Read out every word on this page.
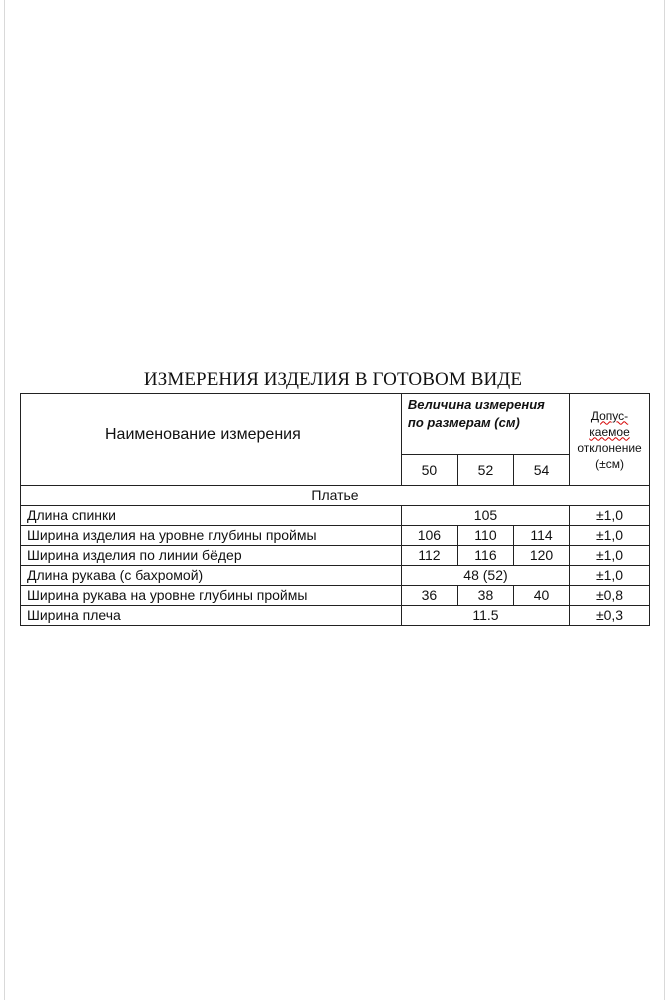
ИЗМЕРЕНИЯ ИЗДЕЛИЯ В ГОТОВОМ ВИДЕ
Наименование измерения	Величина измерения по размерам (см)			Допус-
каемое
отклонение
(±см)
	50	52	54	
Платье				
Длина спинки	105			±1,0
Ширина изделия на уровне глубины проймы	106	110	114	±1,0
Ширина изделия по линии бёдер	112	116	120	±1,0
Длина рукава (с бахромой)	48 (52)			±1,0
Ширина рукава на уровне глубины проймы	36	38	40	±0,8
Ширина плеча	11.5			±0,3
